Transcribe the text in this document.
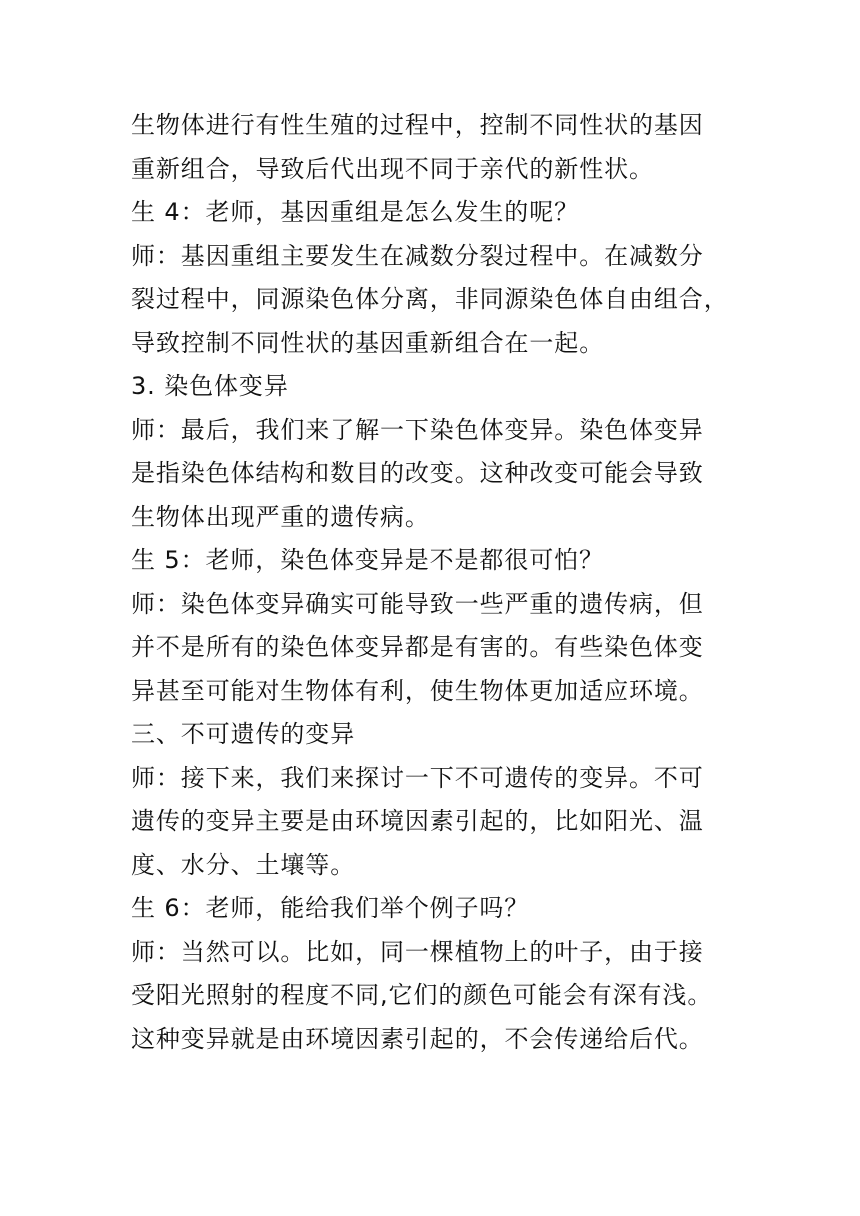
生物体进行有性生殖的过程中，控制不同性状的基因
重新组合，导致后代出现不同于亲代的新性状。
生 4：老师，基因重组是怎么发生的呢？
师：基因重组主要发生在减数分裂过程中。在减数分
裂过程中，同源染色体分离，非同源染色体自由组合，
导致控制不同性状的基因重新组合在一起。
3. 染色体变异
师：最后，我们来了解一下染色体变异。染色体变异
是指染色体结构和数目的改变。这种改变可能会导致
生物体出现严重的遗传病。
生 5：老师，染色体变异是不是都很可怕？
师：染色体变异确实可能导致一些严重的遗传病，但
并不是所有的染色体变异都是有害的。有些染色体变
异甚至可能对生物体有利，使生物体更加适应环境。
三、不可遗传的变异
师：接下来，我们来探讨一下不可遗传的变异。不可
遗传的变异主要是由环境因素引起的，比如阳光、温
度、水分、土壤等。
生 6：老师，能给我们举个例子吗？
师：当然可以。比如，同一棵植物上的叶子，由于接
受阳光照射的程度不同,它们的颜色可能会有深有浅。
这种变异就是由环境因素引起的，不会传递给后代。
